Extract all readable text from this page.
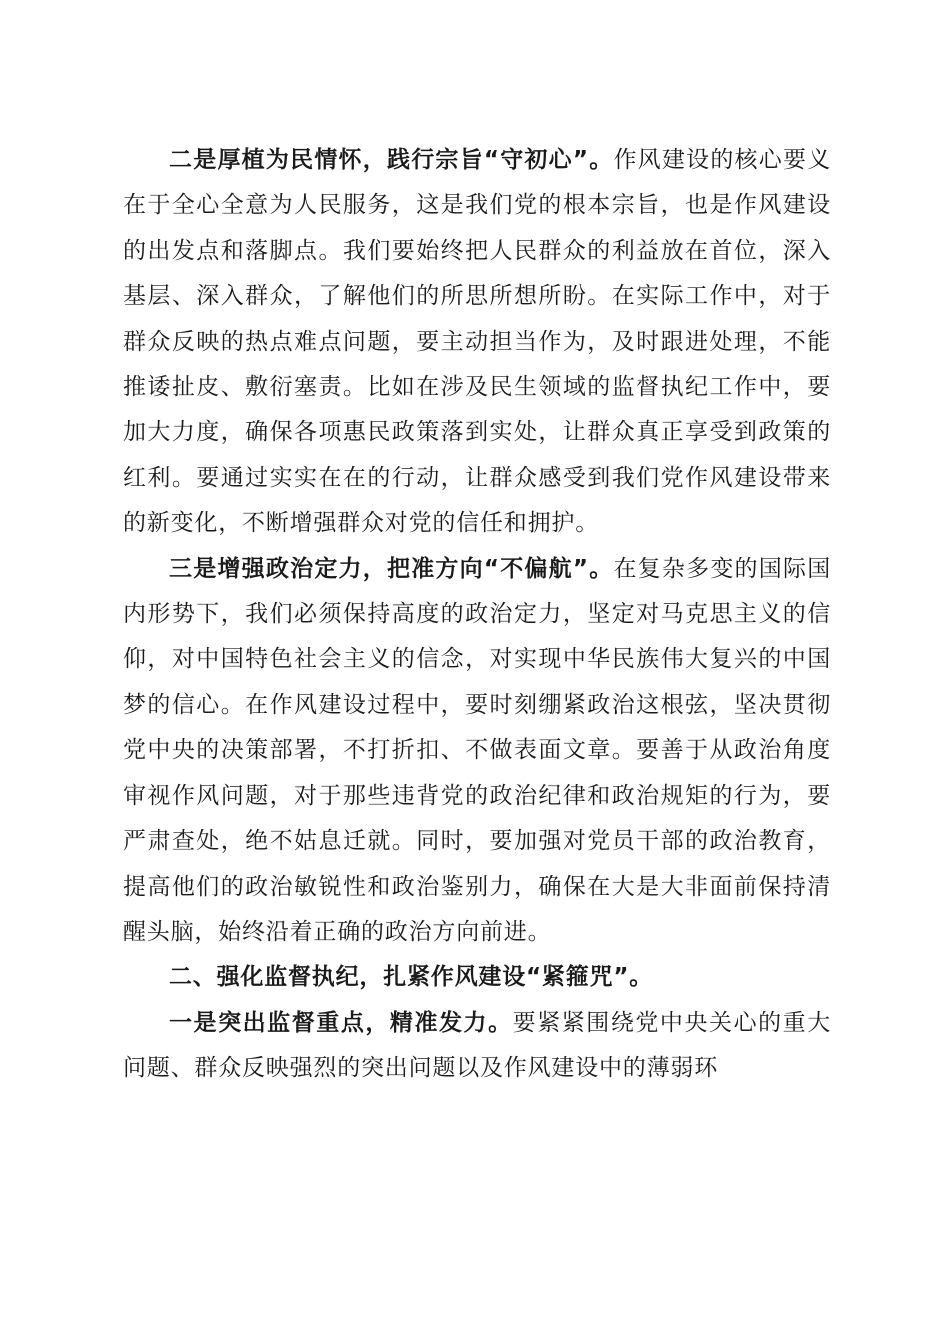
二是厚植为民情怀，践行宗旨“守初心”。作风建设的核心要义在于全心全意为人民服务，这是我们党的根本宗旨，也是作风建设的出发点和落脚点。我们要始终把人民群众的利益放在首位，深入基层、深入群众，了解他们的所思所想所盼。在实际工作中，对于群众反映的热点难点问题，要主动担当作为，及时跟进处理，不能推诿扯皮、敷衍塞责。比如在涉及民生领域的监督执纪工作中，要加大力度，确保各项惠民政策落到实处，让群众真正享受到政策的红利。要通过实实在在的行动，让群众感受到我们党作风建设带来的新变化，不断增强群众对党的信任和拥护。

三是增强政治定力，把准方向“不偏航”。在复杂多变的国际国内形势下，我们必须保持高度的政治定力，坚定对马克思主义的信仰，对中国特色社会主义的信念，对实现中华民族伟大复兴的中国梦的信心。在作风建设过程中，要时刻绷紧政治这根弦，坚决贯彻党中央的决策部署，不打折扣、不做表面文章。要善于从政治角度审视作风问题，对于那些违背党的政治纪律和政治规矩的行为，要严肃查处，绝不姑息迁就。同时，要加强对党员干部的政治教育，提高他们的政治敏锐性和政治鉴别力，确保在大是大非面前保持清醒头脑，始终沿着正确的政治方向前进。

二、强化监督执纪，扎紧作风建设“紧箍咒”。

一是突出监督重点，精准发力。要紧紧围绕党中央关心的重大问题、群众反映强烈的突出问题以及作风建设中的薄弱环
